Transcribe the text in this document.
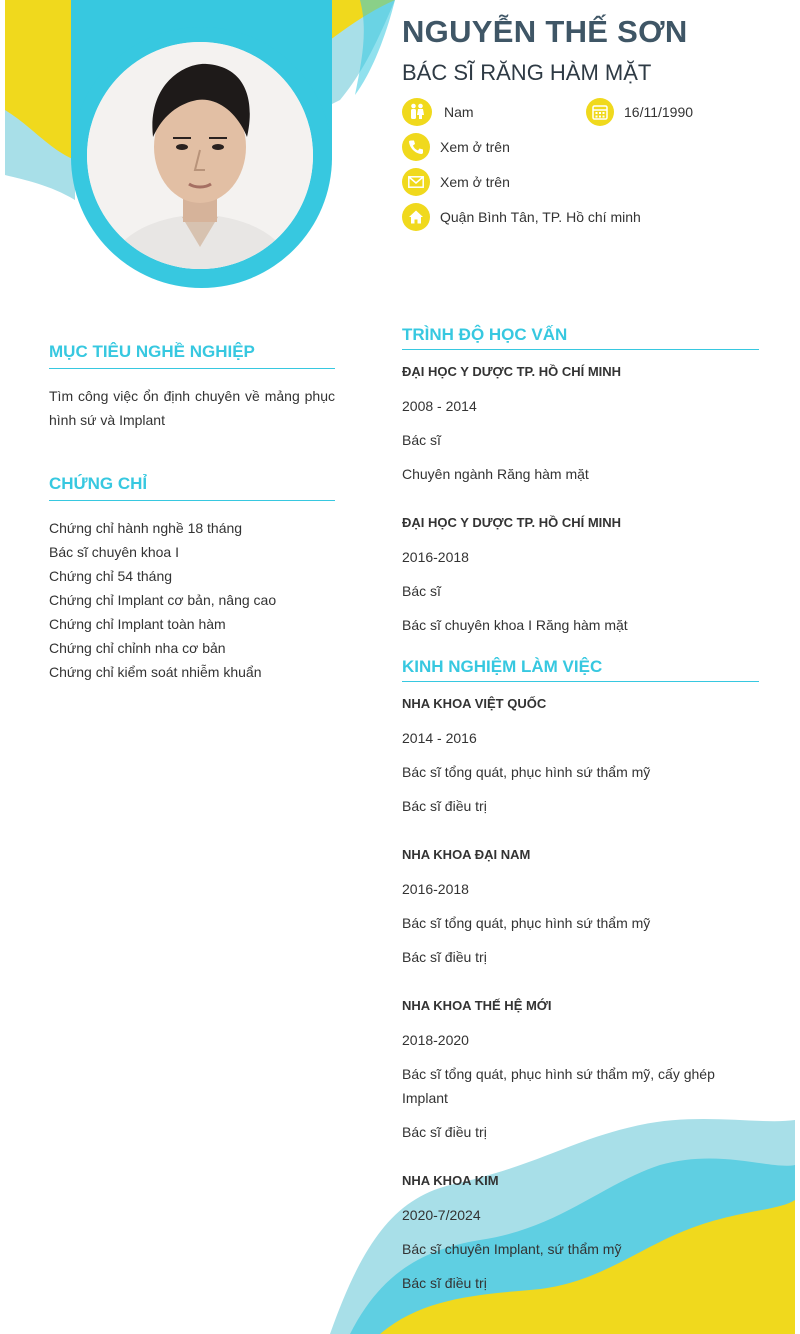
NGUYỄN THẾ SƠN
BÁC SĨ RĂNG HÀM MẶT
Nam	16/11/1990
Xem ở trên
Xem ở trên
Quận Bình Tân, TP. Hồ chí minh
MỤC TIÊU NGHỀ NGHIỆP
Tìm công việc ổn định chuyên về mảng phục hình sứ và Implant
CHỨNG CHỈ
Chứng chỉ hành nghề 18 tháng
Bác sĩ chuyên khoa I
Chứng chỉ 54 tháng
Chứng chỉ Implant cơ bản, nâng cao
Chứng chỉ Implant toàn hàm
Chứng chỉ chỉnh nha cơ bản
Chứng chỉ kiểm soát nhiễm khuẩn
TRÌNH ĐỘ HỌC VẤN
ĐẠI HỌC Y DƯỢC TP. HỒ CHÍ MINH
2008 - 2014
Bác sĩ
Chuyên ngành Răng hàm mặt
ĐẠI HỌC Y DƯỢC TP. HỒ CHÍ MINH
2016-2018
Bác sĩ
Bác sĩ chuyên khoa I Răng hàm mặt
KINH NGHIỆM LÀM VIỆC
NHA KHOA VIỆT QUỐC
2014 - 2016
Bác sĩ tổng quát, phục hình sứ thẩm mỹ
Bác sĩ điều trị
NHA KHOA ĐẠI NAM
2016-2018
Bác sĩ tổng quát, phục hình sứ thẩm mỹ
Bác sĩ điều trị
NHA KHOA THẾ HỆ MỚI
2018-2020
Bác sĩ tổng quát, phục hình sứ thẩm mỹ, cấy ghép Implant
Bác sĩ điều trị
NHA KHOA KIM
2020-7/2024
Bác sĩ chuyên Implant, sứ thẩm mỹ
Bác sĩ điều trị
